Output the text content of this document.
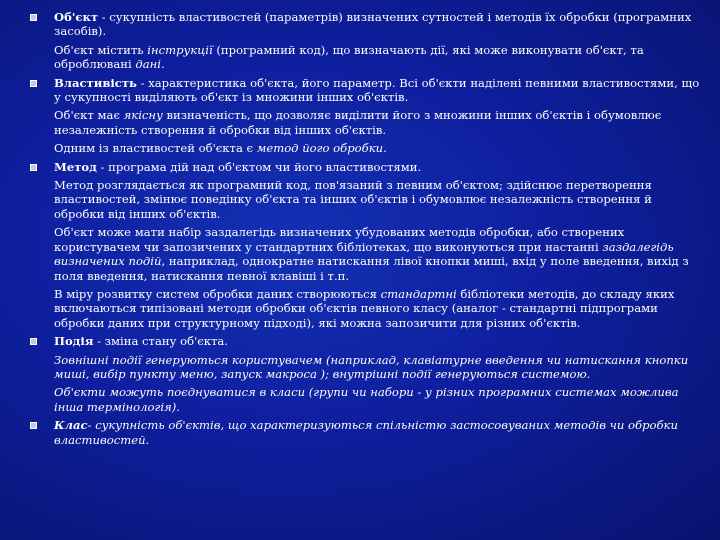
Об'єкт - сукупність властивостей (параметрів) визначених сутностей і методів їх обробки (програмних засобів).
Об'єкт містить інструкції (програмний код), що визначають дії, які може виконувати об'єкт, та оброблювані дані.
Властивість - характеристика об'єкта, його параметр. Всі об'єкти наділені певними властивостями, що у сукупності виділяють об'єкт із множини інших об'єктів.
Об'єкт має якісну визначеність, що дозволяє виділити його з множини інших об'єктів і обумовлює незалежність створення й обробки від інших об'єктів.
Одним із властивостей об'єкта є метод його обробки.
Метод - програма дій над об'єктом чи його властивостями.
Метод розглядається як програмний код, пов'язаний з певним об'єктом; здійснює перетворення властивостей, змінює поведінку об'єкта та інших об'єктів і обумовлює незалежність створення й обробки від інших об'єктів.
Об'єкт може мати набір заздалегідь визначених убудованих методів обробки, або створених користувачем чи запозичених у стандартних бібліотеках, що виконуються при настанні заздалегідь визначених подій, наприклад, однократне натискання лівої кнопки миші, вхід у поле введення, вихід з поля введення, натискання певної клавіші і т.п.
В міру розвитку систем обробки даних створюються стандартні бібліотеки методів, до складу яких включаються типізовані методи обробки об'єктів певного класу (аналог - стандартні підпрограми обробки даних при структурному підході), які можна запозичити для різних об'єктів.
Подія - зміна стану об'єкта.
Зовнішні події генеруються користувачем (наприклад, клавіатурне введення чи натискання кнопки миші, вибір пункту меню, запуск макроса ); внутрішні події генеруються системою.
Об'єкти можуть поєднуватися в класи (групи чи набори - у різних програмних системах можлива інша термінологія).
Клас- сукупність об'єктів, що характеризуються спільністю застосовуваних методів чи обробки властивостей.
